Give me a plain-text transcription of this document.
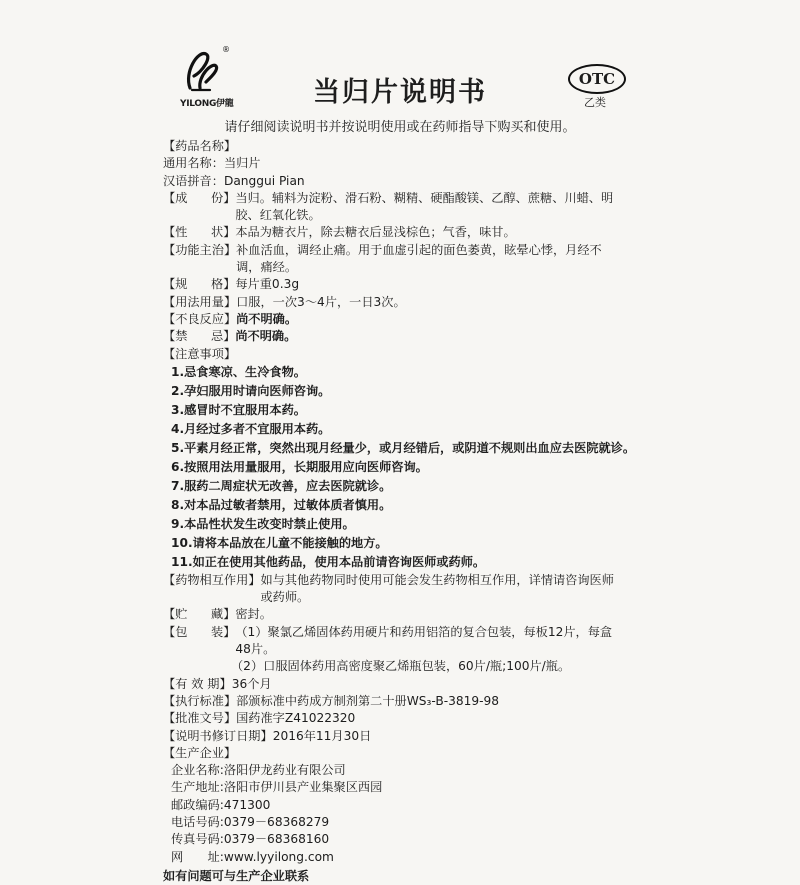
®
YILONG伊龍	当归片说明书	OTC
乙类
请仔细阅读说明书并按说明使用或在药师指导下购买和使用。
【药品名称】
通用名称：当归片
汉语拼音：Danggui Pian
【 成 份 】 当归。辅料为淀粉、滑石粉、糊精、硬酯酸镁、乙醇、蔗糖、川蜡、明胶、红氧化铁。
【 性 状 】 本品为糖衣片，除去糖衣后显浅棕色；气香，味甘。
【功能主治】 补血活血，调经止痛。用于血虚引起的面色萎黄，眩晕心悸，月经不调，痛经。
【 规 格 】 每片重0.3g
【用法用量】 口服，一次3～4片，一日3次。
【不良反应】 尚不明确。
【 禁 忌 】 尚不明确。
【注意事项】
1.忌食寒凉、生冷食物。
2.孕妇服用时请向医师咨询。
3.感冒时不宜服用本药。
4.月经过多者不宜服用本药。
5.平素月经正常，突然出现月经量少，或月经错后，或阴道不规则出血应去医院就诊。
6.按照用法用量服用，长期服用应向医师咨询。
7.服药二周症状无改善，应去医院就诊。
8.对本品过敏者禁用，过敏体质者慎用。
9.本品性状发生改变时禁止使用。
10.请将本品放在儿童不能接触的地方。
11.如正在使用其他药品，使用本品前请咨询医师或药师。
【药物相互作用】 如与其他药物同时使用可能会发生药物相互作用，详情请咨询医师或药师。
【 贮 藏 】 密封。
【 包 装 】 （1）聚氯乙烯固体药用硬片和药用铝箔的复合包装，每板12片，每盒48片。
（2）口服固体药用高密度聚乙烯瓶包装，60片/瓶;100片/瓶。
【有 效 期】 36个月
【执行标准】 部颁标准中药成方制剂第二十册WS₃-B-3819-98
【批准文号】 国药准字Z41022320
【说明书修订日期】 2016年11月30日
【生产企业】
企业名称:洛阳伊龙药业有限公司
生产地址:洛阳市伊川县产业集聚区西园
邮政编码:471300
电话号码:0379－68368279
传真号码:0379－68368160
网　　址:www.lyyilong.com
如有问题可与生产企业联系
